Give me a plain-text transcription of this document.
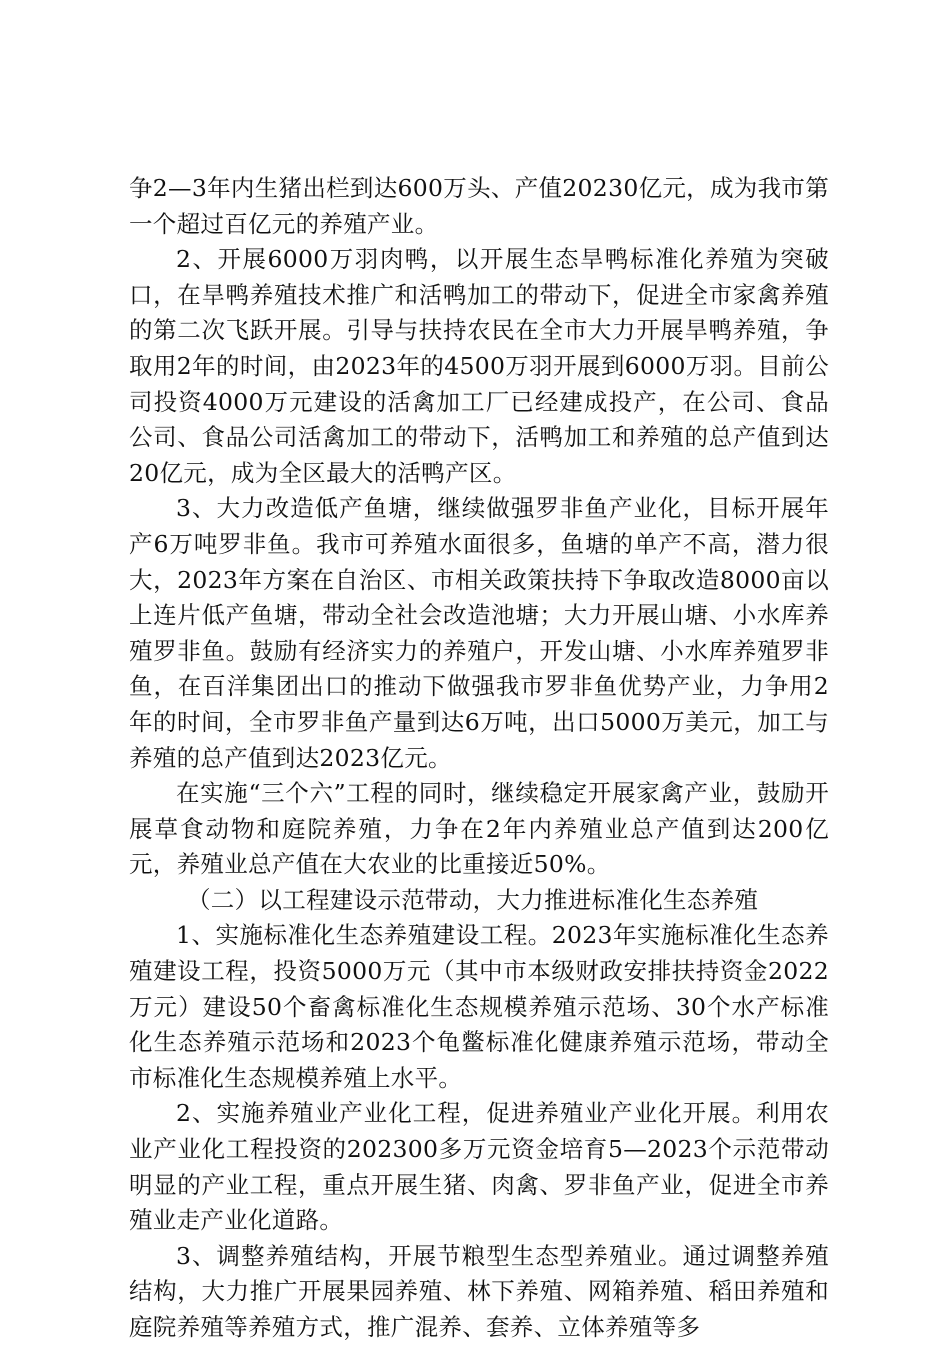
争2—3年内生猪出栏到达600万头、产值20230亿元，成为我市第一个超过百亿元的养殖产业。

2、开展6000万羽肉鸭，以开展生态旱鸭标准化养殖为突破口，在旱鸭养殖技术推广和活鸭加工的带动下，促进全市家禽养殖的第二次飞跃开展。引导与扶持农民在全市大力开展旱鸭养殖，争取用2年的时间，由2023年的4500万羽开展到6000万羽。目前公司投资4000万元建设的活禽加工厂已经建成投产，在公司、食品公司、食品公司活禽加工的带动下，活鸭加工和养殖的总产值到达20亿元，成为全区最大的活鸭产区。

3、大力改造低产鱼塘，继续做强罗非鱼产业化，目标开展年产6万吨罗非鱼。我市可养殖水面很多，鱼塘的单产不高，潜力很大，2023年方案在自治区、市相关政策扶持下争取改造8000亩以上连片低产鱼塘，带动全社会改造池塘；大力开展山塘、小水库养殖罗非鱼。鼓励有经济实力的养殖户，开发山塘、小水库养殖罗非鱼，在百洋集团出口的推动下做强我市罗非鱼优势产业，力争用2年的时间，全市罗非鱼产量到达6万吨，出口5000万美元，加工与养殖的总产值到达2023亿元。

在实施“三个六”工程的同时，继续稳定开展家禽产业，鼓励开展草食动物和庭院养殖，力争在2年内养殖业总产值到达200亿元，养殖业总产值在大农业的比重接近50%。

（二）以工程建设示范带动，大力推进标准化生态养殖

1、实施标准化生态养殖建设工程。2023年实施标准化生态养殖建设工程，投资5000万元（其中市本级财政安排扶持资金2022万元）建设50个畜禽标准化生态规模养殖示范场、30个水产标准化生态养殖示范场和2023个龟鳖标准化健康养殖示范场，带动全市标准化生态规模养殖上水平。

2、实施养殖业产业化工程，促进养殖业产业化开展。利用农业产业化工程投资的202300多万元资金培育5—2023个示范带动明显的产业工程，重点开展生猪、肉禽、罗非鱼产业，促进全市养殖业走产业化道路。

3、调整养殖结构，开展节粮型生态型养殖业。通过调整养殖结构，大力推广开展果园养殖、林下养殖、网箱养殖、稻田养殖和庭院养殖等养殖方式，推广混养、套养、立体养殖等多
